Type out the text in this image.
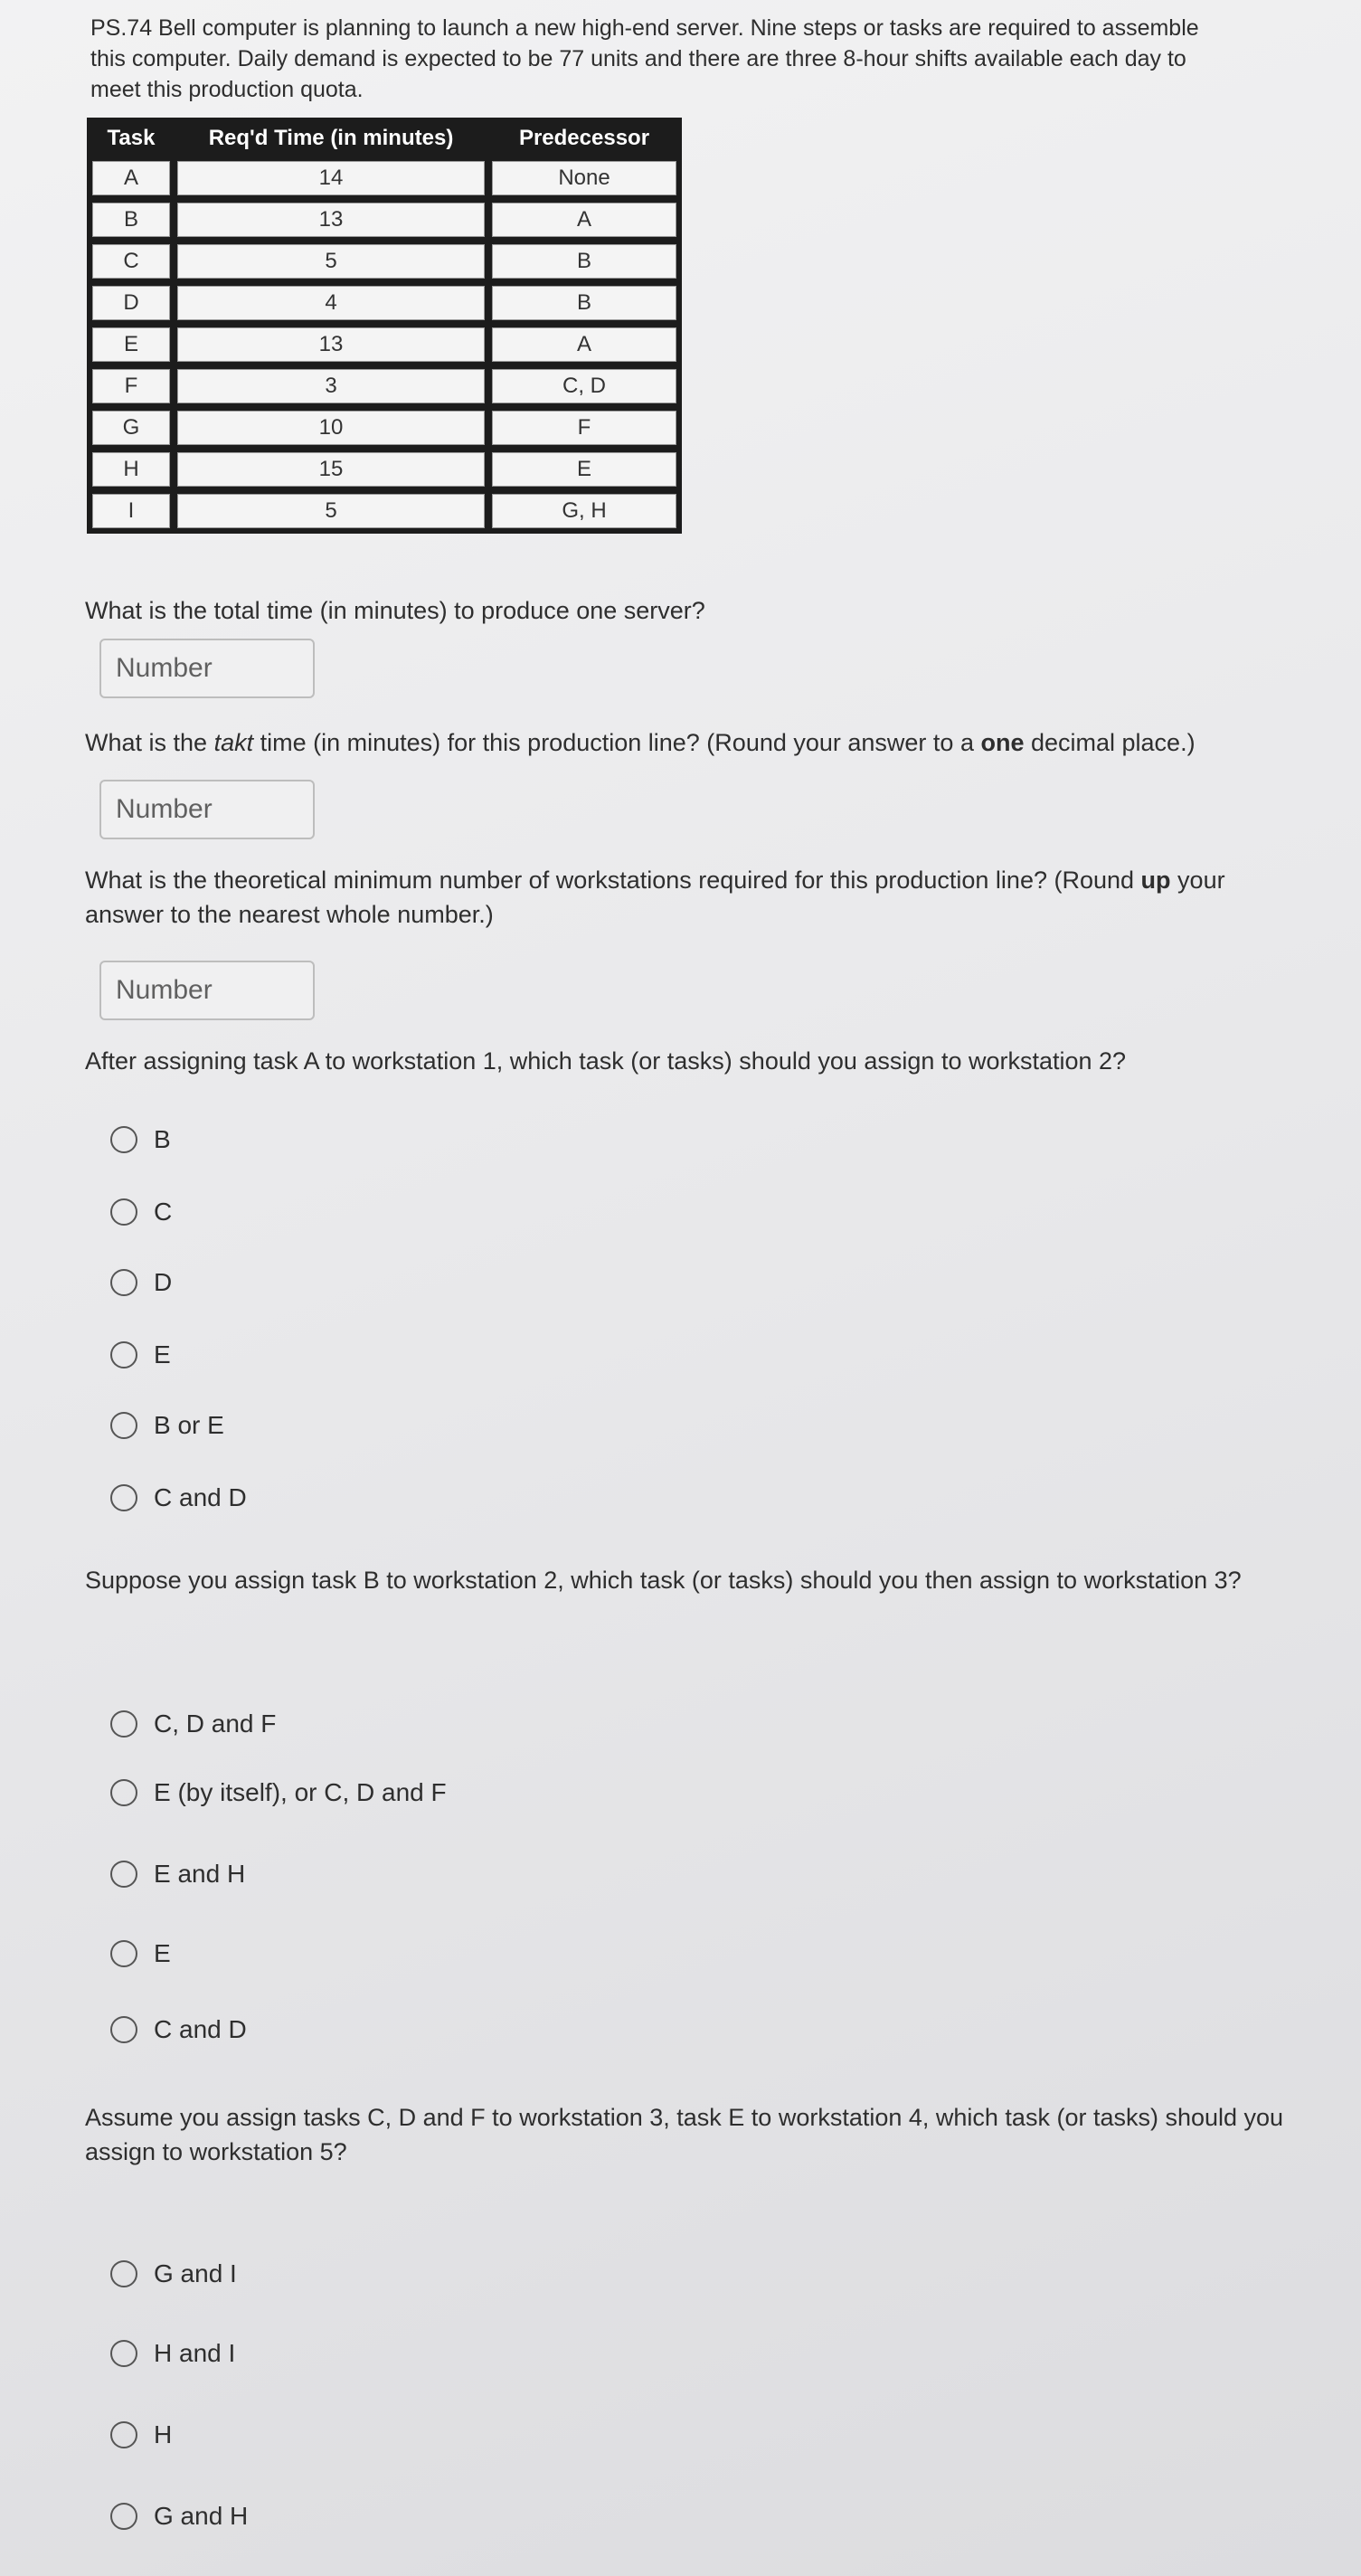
PS.74 Bell computer is planning to launch a new high-end server. Nine steps or tasks are required to assemble this computer. Daily demand is expected to be 77 units and there are three 8-hour shifts available each day to meet this production quota.
Task	Req'd Time (in minutes)	Predecessor
A	14	None
B	13	A
C	5	B
D	4	B
E	13	A
F	3	C, D
G	10	F
H	15	E
I	5	G, H
What is the total time (in minutes) to produce one server?
Number
What is the takt time (in minutes) for this production line? (Round your answer to a one decimal place.)
Number
What is the theoretical minimum number of workstations required for this production line? (Round up your answer to the nearest whole number.)
Number
After assigning task A to workstation 1, which task (or tasks) should you assign to workstation 2?
B
C
D
E
B or E
C and D
Suppose you assign task B to workstation 2, which task (or tasks) should you then assign to workstation 3?
C, D and F
E (by itself), or C, D and F
E and H
E
C and D
Assume you assign tasks C, D and F to workstation 3, task E to workstation 4, which task (or tasks) should you assign to workstation 5?
G and I
H and I
H
G and H
